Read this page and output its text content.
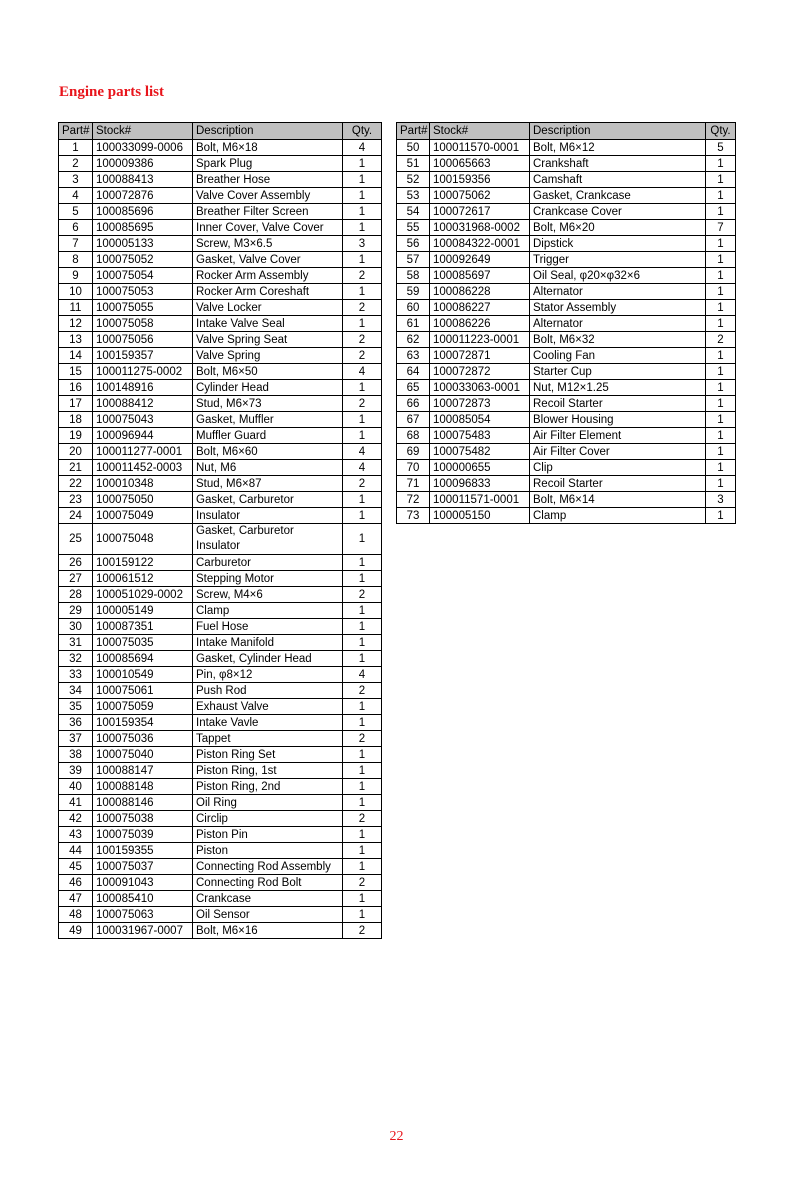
Engine parts list
Part#	Stock#	Description	Qty.
1	100033099-0006	Bolt, M6×18	4
2	100009386	Spark Plug	1
3	100088413	Breather Hose	1
4	100072876	Valve Cover Assembly	1
5	100085696	Breather Filter Screen	1
6	100085695	Inner Cover, Valve Cover	1
7	100005133	Screw, M3×6.5	3
8	100075052	Gasket, Valve Cover	1
9	100075054	Rocker Arm Assembly	2
10	100075053	Rocker Arm Coreshaft	1
11	100075055	Valve Locker	2
12	100075058	Intake Valve Seal	1
13	100075056	Valve Spring Seat	2
14	100159357	Valve Spring	2
15	100011275-0002	Bolt, M6×50	4
16	100148916	Cylinder Head	1
17	100088412	Stud, M6×73	2
18	100075043	Gasket, Muffler	1
19	100096944	Muffler Guard	1
20	100011277-0001	Bolt, M6×60	4
21	100011452-0003	Nut, M6	4
22	100010348	Stud, M6×87	2
23	100075050	Gasket, Carburetor	1
24	100075049	Insulator	1
25	100075048	Gasket, Carburetor Insulator	1
26	100159122	Carburetor	1
27	100061512	Stepping Motor	1
28	100051029-0002	Screw, M4×6	2
29	100005149	Clamp	1
30	100087351	Fuel Hose	1
31	100075035	Intake Manifold	1
32	100085694	Gasket, Cylinder Head	1
33	100010549	Pin, φ8×12	4
34	100075061	Push Rod	2
35	100075059	Exhaust Valve	1
36	100159354	Intake Vavle	1
37	100075036	Tappet	2
38	100075040	Piston Ring Set	1
39	100088147	Piston Ring, 1st	1
40	100088148	Piston Ring, 2nd	1
41	100088146	Oil Ring	1
42	100075038	Circlip	2
43	100075039	Piston Pin	1
44	100159355	Piston	1
45	100075037	Connecting Rod Assembly	1
46	100091043	Connecting Rod Bolt	2
47	100085410	Crankcase	1
48	100075063	Oil Sensor	1
49	100031967-0007	Bolt, M6×16	2
Part#	Stock#	Description	Qty.
50	100011570-0001	Bolt, M6×12	5
51	100065663	Crankshaft	1
52	100159356	Camshaft	1
53	100075062	Gasket, Crankcase	1
54	100072617	Crankcase Cover	1
55	100031968-0002	Bolt, M6×20	7
56	100084322-0001	Dipstick	1
57	100092649	Trigger	1
58	100085697	Oil Seal, φ20×φ32×6	1
59	100086228	Alternator	1
60	100086227	Stator Assembly	1
61	100086226	Alternator	1
62	100011223-0001	Bolt, M6×32	2
63	100072871	Cooling Fan	1
64	100072872	Starter Cup	1
65	100033063-0001	Nut, M12×1.25	1
66	100072873	Recoil Starter	1
67	100085054	Blower Housing	1
68	100075483	Air Filter Element	1
69	100075482	Air Filter Cover	1
70	100000655	Clip	1
71	100096833	Recoil Starter	1
72	100011571-0001	Bolt, M6×14	3
73	100005150	Clamp	1
22
